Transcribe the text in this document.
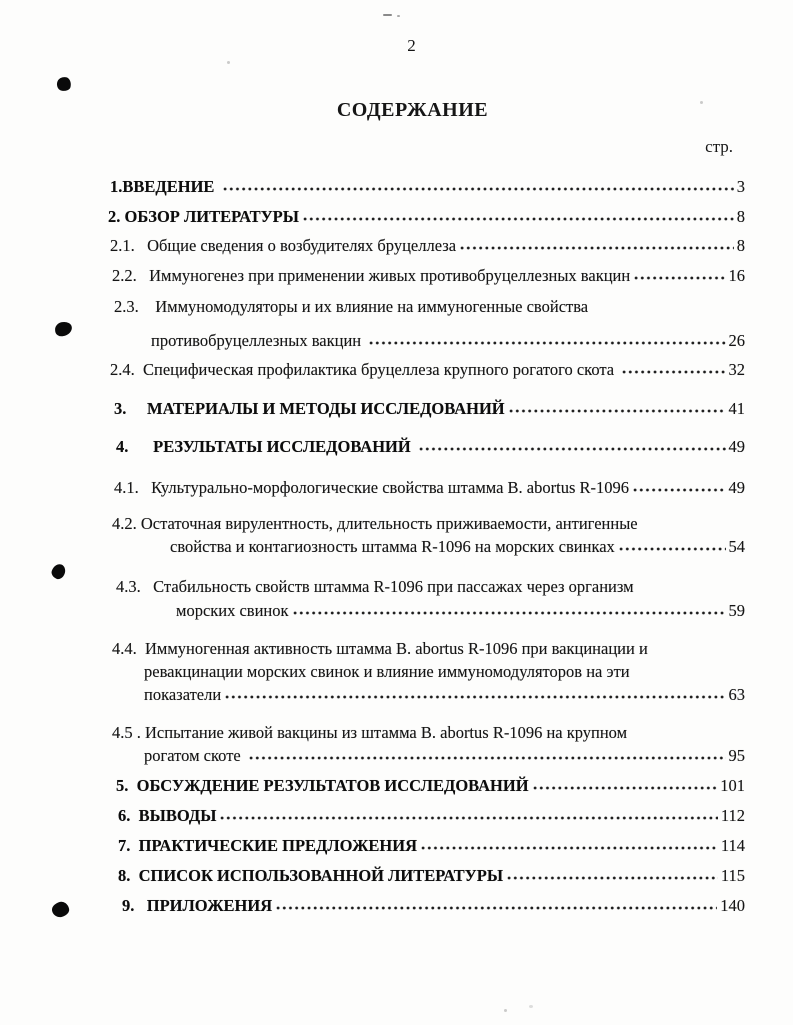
2
СОДЕРЖАНИЕ
стр.
1.ВВЕДЕНИЕ	3
2. ОБЗОР ЛИТЕРАТУРЫ	8
2.1.   Общие сведения о возбудителях бруцеллеза	8
2.2.   Иммуногенез при применении живых противобруцеллезных вакцин	16
2.3.    Иммуномодуляторы и их влияние на иммуногенные свойства
противобруцеллезных вакцин	26
2.4.  Специфическая профилактика бруцеллеза крупного рогатого скота	32
3.     МАТЕРИАЛЫ И МЕТОДЫ ИССЛЕДОВАНИЙ	41
4.      РЕЗУЛЬТАТЫ ИССЛЕДОВАНИЙ	49
4.1.   Культурально-морфологические свойства штамма B. abortus R-1096	49
4.2. Остаточная вирулентность, длительность приживаемости, антигенные
свойства и контагиозность штамма R-1096 на морских свинках	54
4.3.   Стабильность свойств штамма R-1096 при пассажах через организм
морских свинок	59
4.4.  Иммуногенная активность штамма B. abortus R-1096 при вакцинации и
ревакцинации морских свинок и влияние иммуномодуляторов на эти
показатели	63
4.5 . Испытание живой вакцины из штамма B. abortus R-1096 на крупном
рогатом скоте	95
5.  ОБСУЖДЕНИЕ РЕЗУЛЬТАТОВ ИССЛЕДОВАНИЙ	101
6.  ВЫВОДЫ	112
7.  ПРАКТИЧЕСКИЕ ПРЕДЛОЖЕНИЯ	114
8.  СПИСОК ИСПОЛЬЗОВАННОЙ ЛИТЕРАТУРЫ	115
9.   ПРИЛОЖЕНИЯ	140
